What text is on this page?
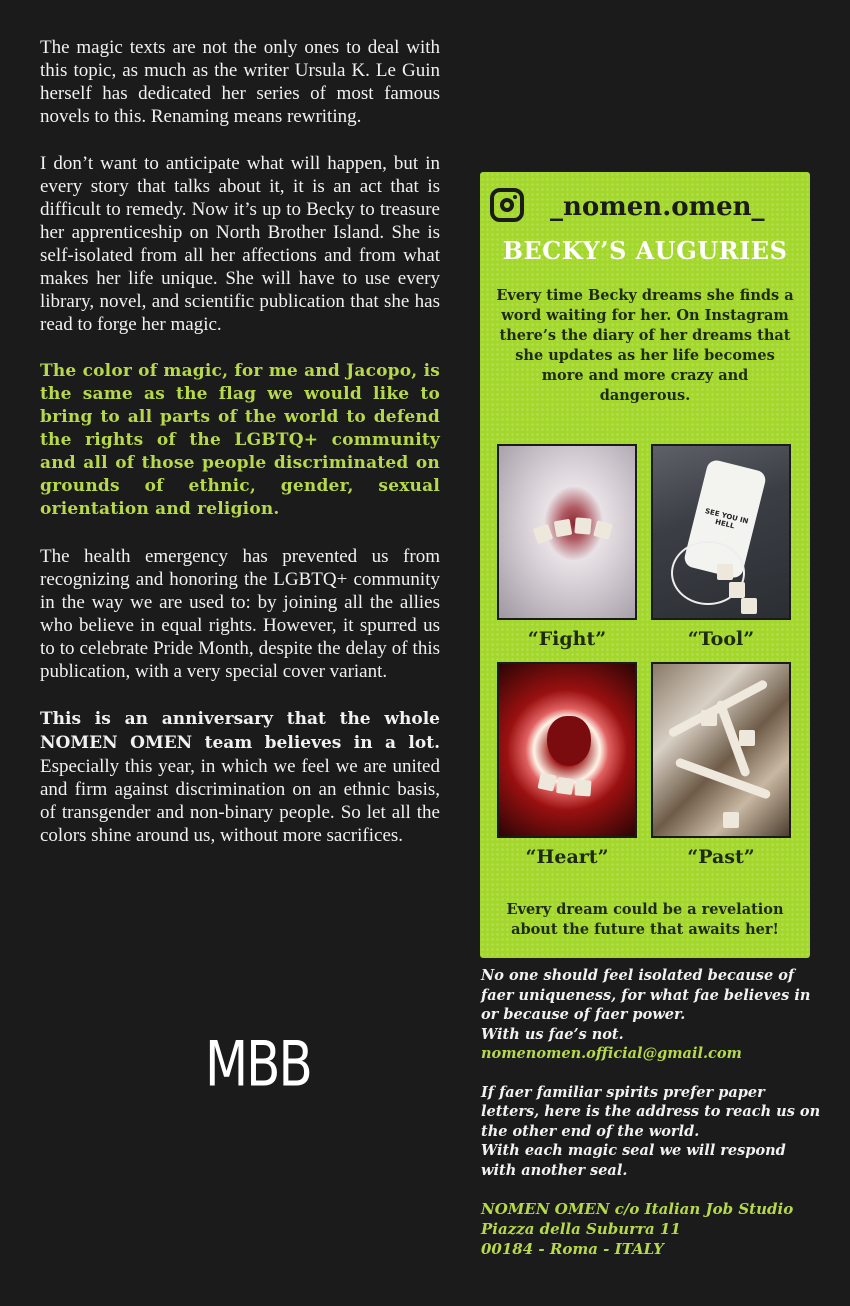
The magic texts are not the only ones to deal with this topic, as much as the writer Ursula K. Le Guin herself has dedicated her series of most famous novels to this. Renaming means rewriting.

I don’t want to anticipate what will happen, but in every story that talks about it, it is an act that is difficult to remedy. Now it’s up to Becky to treasure her apprenticeship on North Brother Island. She is self-isolated from all her affections and from what makes her life unique. She will have to use every library, novel, and scientific publication that she has read to forge her magic.

The color of magic, for me and Jacopo, is the same as the flag we would like to bring to all parts of the world to defend the rights of the LGBTQ+ community and all of those people discriminated on grounds of ethnic, gender, sexual orientation and religion.

The health emergency has prevented us from recognizing and honoring the LGBTQ+ community in the way we are used to: by joining all the allies who believe in equal rights. However, it spurred us to to celebrate Pride Month, despite the delay of this publication, with a very special cover variant.

This is an anniversary that the whole NOMEN OMEN team believes in a lot. Especially this year, in which we feel we are united and firm against discrimination on an ethnic basis, of transgender and non-binary people. So let all the colors shine around us, without more sacrifices.

MBB
_nomen.omen_
BECKY’S AUGURIES
Every time Becky dreams she finds a word waiting for her. On Instagram there’s the diary of her dreams that she updates as her life becomes more and more crazy and dangerous.
SEE YOU IN HELL
“Fight”	“Tool”
“Heart”	“Past”
Every dream could be a revelation about the future that awaits her!

No one should feel isolated because of faer uniqueness, for what fae believes in or because of faer power.

With us fae’s not.

nomenomen.official@gmail.com

If faer familiar spirits prefer paper letters, here is the address to reach us on the other end of the world.

With each magic seal we will respond with another seal.

NOMEN OMEN c/o Italian Job Studio

Piazza della Suburra 11

00184 - Roma - ITALY
